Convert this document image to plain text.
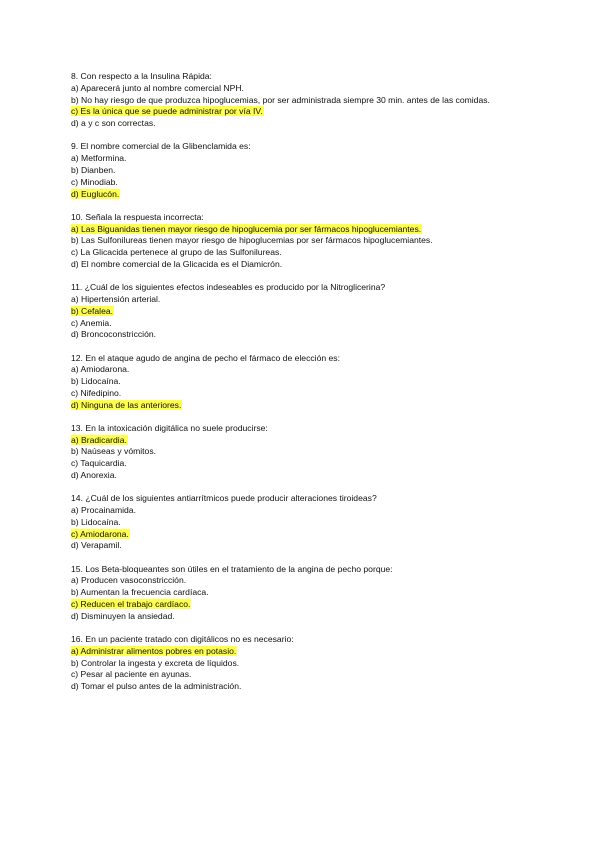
8. Con respecto a la Insulina Rápida:
a) Aparecerá junto al nombre comercial NPH.
b) No hay riesgo de que produzca hipoglucemias, por ser administrada siempre 30 min. antes de las comidas.
c) Es la única que se puede administrar por vía IV.
d) a y c son correctas.
9. El nombre comercial de la Glibenclamida es:
a) Metformina.
b) Dianben.
c) Minodiab.
d) Euglucón.
10. Señala la respuesta incorrecta:
a) Las Biguanidas tienen mayor riesgo de hipoglucemia por ser fármacos hipoglucemiantes.
b) Las Sulfonilureas tienen mayor riesgo de hipoglucemias por ser fármacos hipoglucemiantes.
c) La Glicacida pertenece al grupo de las Sulfonilureas.
d) El nombre comercial de la Glicacida es el Diamicrón.
11. ¿Cuál de los siguientes efectos indeseables es producido por la Nitroglicerina?
a) Hipertensión arterial.
b) Cefalea.
c) Anemia.
d) Broncoconstricción.
12. En el ataque agudo de angina de pecho el fármaco de elección es:
a) Amiodarona.
b) Lidocaína.
c) Nifedipino.
d) Ninguna de las anteriores.
13. En la intoxicación digitálica no suele producirse:
a) Bradicardia.
b) Naúseas y vómitos.
c) Taquicardia.
d) Anorexia.
14. ¿Cuál de los siguientes antiarrítmicos puede producir alteraciones tiroideas?
a) Procainamida.
b) Lidocaína.
c) Amiodarona.
d) Verapamil.
15. Los Beta-bloqueantes son útiles en el tratamiento de la angina de pecho porque:
a) Producen vasoconstricción.
b) Aumentan la frecuencia cardíaca.
c) Reducen el trabajo cardíaco.
d) Disminuyen la ansiedad.
16. En un paciente tratado con digitálicos no es necesario:
a) Administrar alimentos pobres en potasio.
b) Controlar la ingesta y excreta de líquidos.
c) Pesar al paciente en ayunas.
d) Tomar el pulso antes de la administración.
